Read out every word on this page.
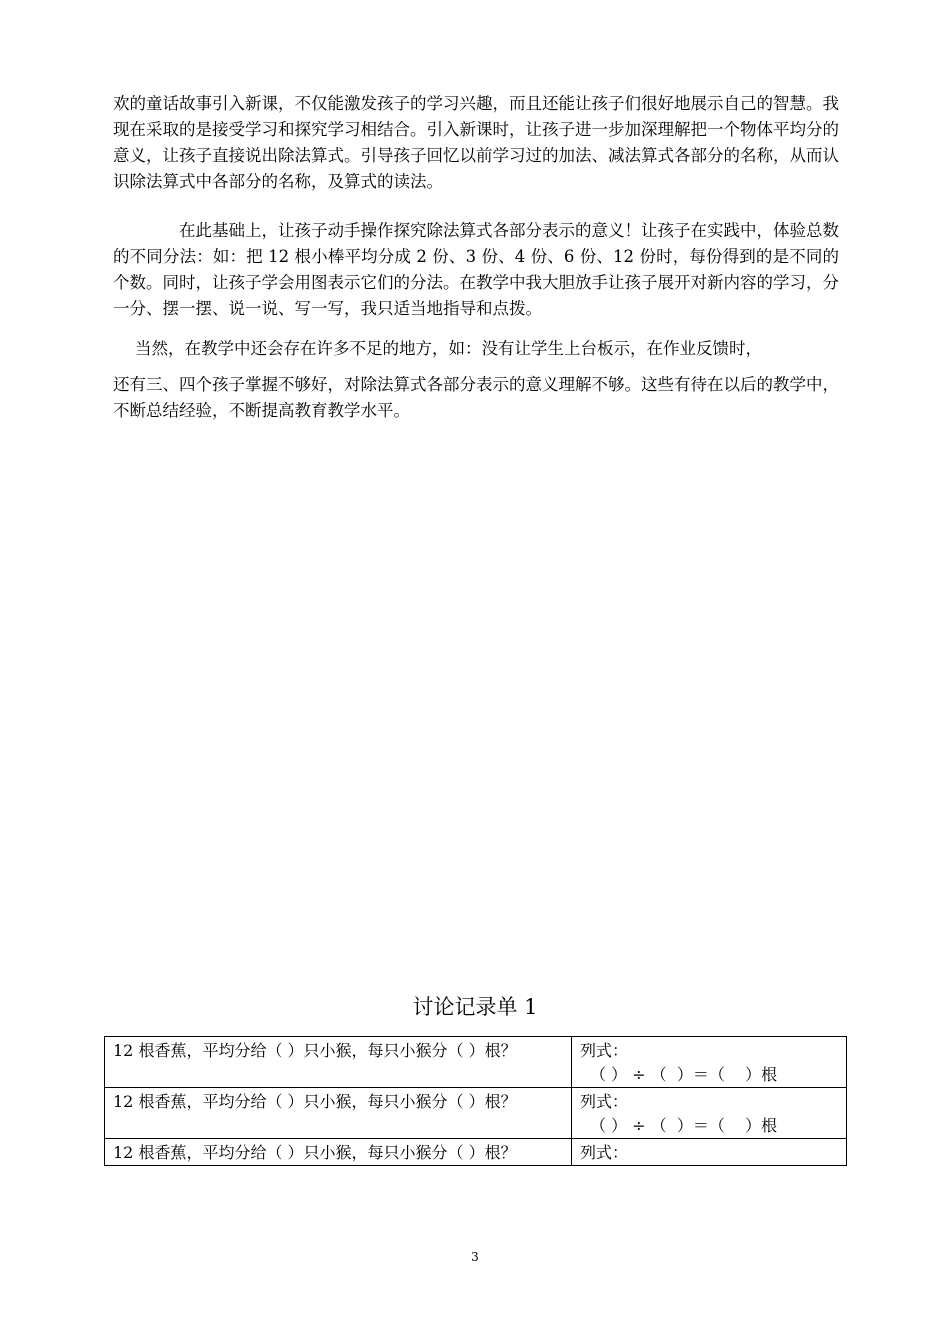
欢的童话故事引入新课，不仅能激发孩子的学习兴趣，而且还能让孩子们很好地展示自己的智慧。我现在采取的是接受学习和探究学习相结合。引入新课时，让孩子进一步加深理解把一个物体平均分的意义，让孩子直接说出除法算式。引导孩子回忆以前学习过的加法、减法算式各部分的名称，从而认识除法算式中各部分的名称，及算式的读法。
在此基础上，让孩子动手操作探究除法算式各部分表示的意义！让孩子在实践中，体验总数的不同分法：如：把 12 根小棒平均分成 2 份、3 份、4 份、6 份、12 份时，每份得到的是不同的个数。同时，让孩子学会用图表示它们的分法。在教学中我大胆放手让孩子展开对新内容的学习，分一分、摆一摆、说一说、写一写，我只适当地指导和点拨。
当然，在教学中还会存在许多不足的地方，如：没有让学生上台板示，在作业反馈时，
还有三、四个孩子掌握不够好，对除法算式各部分表示的意义理解不够。这些有待在以后的教学中，不断总结经验，不断提高教育教学水平。
讨论记录单 1
12 根香蕉，平均分给（ ）只小猴，每只小猴分（ ）根？	列式：
（ ） ÷ （  ）＝（    ）根

12 根香蕉，平均分给（ ）只小猴，每只小猴分（ ）根？	列式：
（ ） ÷ （  ）＝（    ）根

12 根香蕉，平均分给（ ）只小猴，每只小猴分（ ）根？	列式：
3
